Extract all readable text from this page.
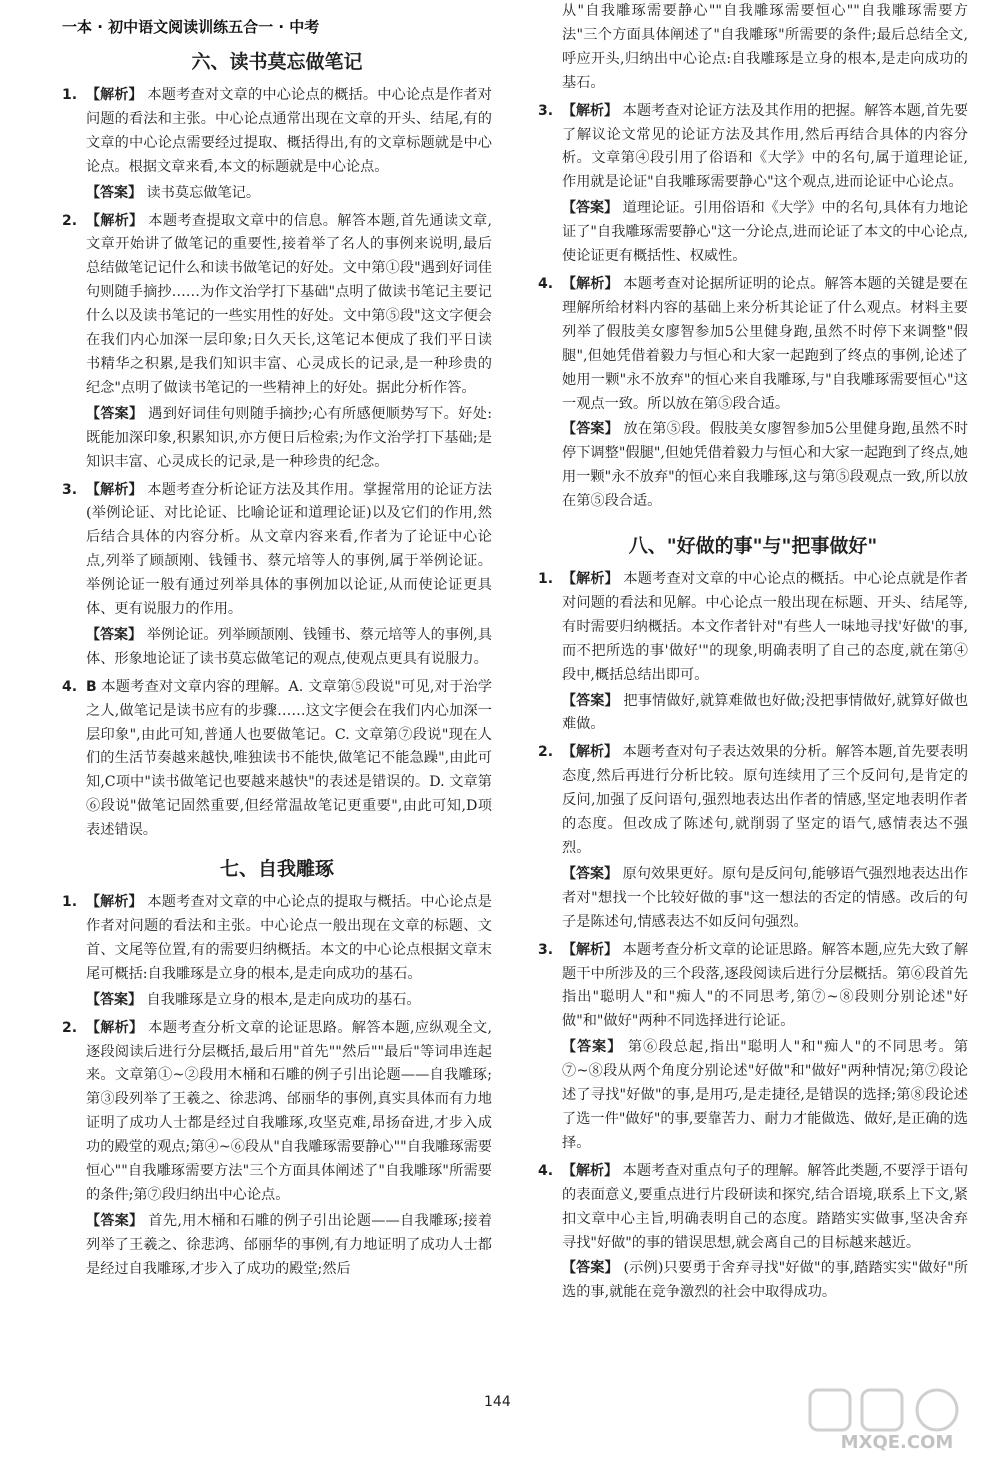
一本 · 初中语文阅读训练五合一 · 中考
六、读书莫忘做笔记
1. 【解析】 本题考查对文章的中心论点的概括。中心论点是作者对问题的看法和主张。中心论点通常出现在文章的开头、结尾,有的文章的中心论点需要经过提取、概括得出,有的文章标题就是中心论点。根据文章来看,本文的标题就是中心论点。
【答案】 读书莫忘做笔记。
2. 【解析】 本题考查提取文章中的信息。解答本题,首先通读文章,文章开始讲了做笔记的重要性,接着举了名人的事例来说明,最后总结做笔记记什么和读书做笔记的好处。文中第①段"遇到好词佳句则随手摘抄……为作文治学打下基础"点明了做读书笔记主要记什么以及读书笔记的一些实用性的好处。文中第⑤段"这文字便会在我们内心加深一层印象;日久天长,这笔记本便成了我们平日读书精华之积累,是我们知识丰富、心灵成长的记录,是一种珍贵的纪念"点明了做读书笔记的一些精神上的好处。据此分析作答。
【答案】 遇到好词佳句则随手摘抄;心有所感便顺势写下。好处:既能加深印象,积累知识,亦方便日后检索;为作文治学打下基础;是知识丰富、心灵成长的记录,是一种珍贵的纪念。
3. 【解析】 本题考查分析论证方法及其作用。掌握常用的论证方法(举例论证、对比论证、比喻论证和道理论证)以及它们的作用,然后结合具体的内容分析。从文章内容来看,作者为了论证中心论点,列举了顾颉刚、钱锺书、蔡元培等人的事例,属于举例论证。举例论证一般有通过列举具体的事例加以论证,从而使论证更具体、更有说服力的作用。
【答案】 举例论证。列举顾颉刚、钱锺书、蔡元培等人的事例,具体、形象地论证了读书莫忘做笔记的观点,使观点更具有说服力。
4. B 本题考查对文章内容的理解。A. 文章第⑤段说"可见,对于治学之人,做笔记是读书应有的步骤……这文字便会在我们内心加深一层印象",由此可知,普通人也要做笔记。C. 文章第⑦段说"现在人们的生活节奏越来越快,唯独读书不能快,做笔记不能急躁",由此可知,C项中"读书做笔记也要越来越快"的表述是错误的。D. 文章第⑥段说"做笔记固然重要,但经常温故笔记更重要",由此可知,D项表述错误。
七、自我雕琢
1. 【解析】 本题考查对文章的中心论点的提取与概括。中心论点是作者对问题的看法和主张。中心论点一般出现在文章的标题、文首、文尾等位置,有的需要归纳概括。本文的中心论点根据文章末尾可概括:自我雕琢是立身的根本,是走向成功的基石。
【答案】 自我雕琢是立身的根本,是走向成功的基石。
2. 【解析】 本题考查分析文章的论证思路。解答本题,应纵观全文,逐段阅读后进行分层概括,最后用"首先""然后""最后"等词串连起来。文章第①~②段用木桶和石雕的例子引出论题——自我雕琢;第③段列举了王羲之、徐悲鸿、邰丽华的事例,真实具体而有力地证明了成功人士都是经过自我雕琢,攻坚克难,昂扬奋进,才步入成功的殿堂的观点;第④~⑥段从"自我雕琢需要静心""自我雕琢需要恒心""自我雕琢需要方法"三个方面具体阐述了"自我雕琢"所需要的条件;第⑦段归纳出中心论点。
【答案】 首先,用木桶和石雕的例子引出论题——自我雕琢;接着列举了王羲之、徐悲鸿、邰丽华的事例,有力地证明了成功人士都是经过自我雕琢,才步入了成功的殿堂;然后
从"自我雕琢需要静心""自我雕琢需要恒心""自我雕琢需要方法"三个方面具体阐述了"自我雕琢"所需要的条件;最后总结全文,呼应开头,归纳出中心论点:自我雕琢是立身的根本,是走向成功的基石。
3. 【解析】 本题考查对论证方法及其作用的把握。解答本题,首先要了解议论文常见的论证方法及其作用,然后再结合具体的内容分析。文章第④段引用了俗语和《大学》中的名句,属于道理论证,作用就是论证"自我雕琢需要静心"这个观点,进而论证中心论点。
【答案】 道理论证。引用俗语和《大学》中的名句,具体有力地论证了"自我雕琢需要静心"这一分论点,进而论证了本文的中心论点,使论证更有概括性、权威性。
4. 【解析】 本题考查对论据所证明的论点。解答本题的关键是要在理解所给材料内容的基础上来分析其论证了什么观点。材料主要列举了假肢美女廖智参加5公里健身跑,虽然不时停下来调整"假腿",但她凭借着毅力与恒心和大家一起跑到了终点的事例,论述了她用一颗"永不放弃"的恒心来自我雕琢,与"自我雕琢需要恒心"这一观点一致。所以放在第⑤段合适。
【答案】 放在第⑤段。假肢美女廖智参加5公里健身跑,虽然不时停下调整"假腿",但她凭借着毅力与恒心和大家一起跑到了终点,她用一颗"永不放弃"的恒心来自我雕琢,这与第⑤段观点一致,所以放在第⑤段合适。
八、"好做的事"与"把事做好"
1. 【解析】 本题考查对文章的中心论点的概括。中心论点就是作者对问题的看法和见解。中心论点一般出现在标题、开头、结尾等,有时需要归纳概括。本文作者针对"有些人一味地寻找'好做'的事,而不把所选的事'做好'"的现象,明确表明了自己的态度,就在第④段中,概括总结出即可。
【答案】 把事情做好,就算难做也好做;没把事情做好,就算好做也难做。
2. 【解析】 本题考查对句子表达效果的分析。解答本题,首先要表明态度,然后再进行分析比较。原句连续用了三个反问句,是肯定的反问,加强了反问语句,强烈地表达出作者的情感,坚定地表明作者的态度。但改成了陈述句,就削弱了坚定的语气,感情表达不强烈。
【答案】 原句效果更好。原句是反问句,能够语气强烈地表达出作者对"想找一个比较好做的事"这一想法的否定的情感。改后的句子是陈述句,情感表达不如反问句强烈。
3. 【解析】 本题考查分析文章的论证思路。解答本题,应先大致了解题干中所涉及的三个段落,逐段阅读后进行分层概括。第⑥段首先指出"聪明人"和"痴人"的不同思考,第⑦~⑧段则分别论述"好做"和"做好"两种不同选择进行论证。
【答案】 第⑥段总起,指出"聪明人"和"痴人"的不同思考。第⑦~⑧段从两个角度分别论述"好做"和"做好"两种情况;第⑦段论述了寻找"好做"的事,是用巧,是走捷径,是错误的选择;第⑧段论述了选一件"做好"的事,要靠苦力、耐力才能做选、做好,是正确的选择。
4. 【解析】 本题考查对重点句子的理解。解答此类题,不要浮于语句的表面意义,要重点进行片段研读和探究,结合语境,联系上下文,紧扣文章中心主旨,明确表明自己的态度。踏踏实实做事,坚决舍弃寻找"好做"的事的错误思想,就会离自己的目标越来越近。
【答案】 (示例)只要勇于舍弃寻找"好做"的事,踏踏实实"做好"所选的事,就能在竞争激烈的社会中取得成功。
144
MXQE.COM
